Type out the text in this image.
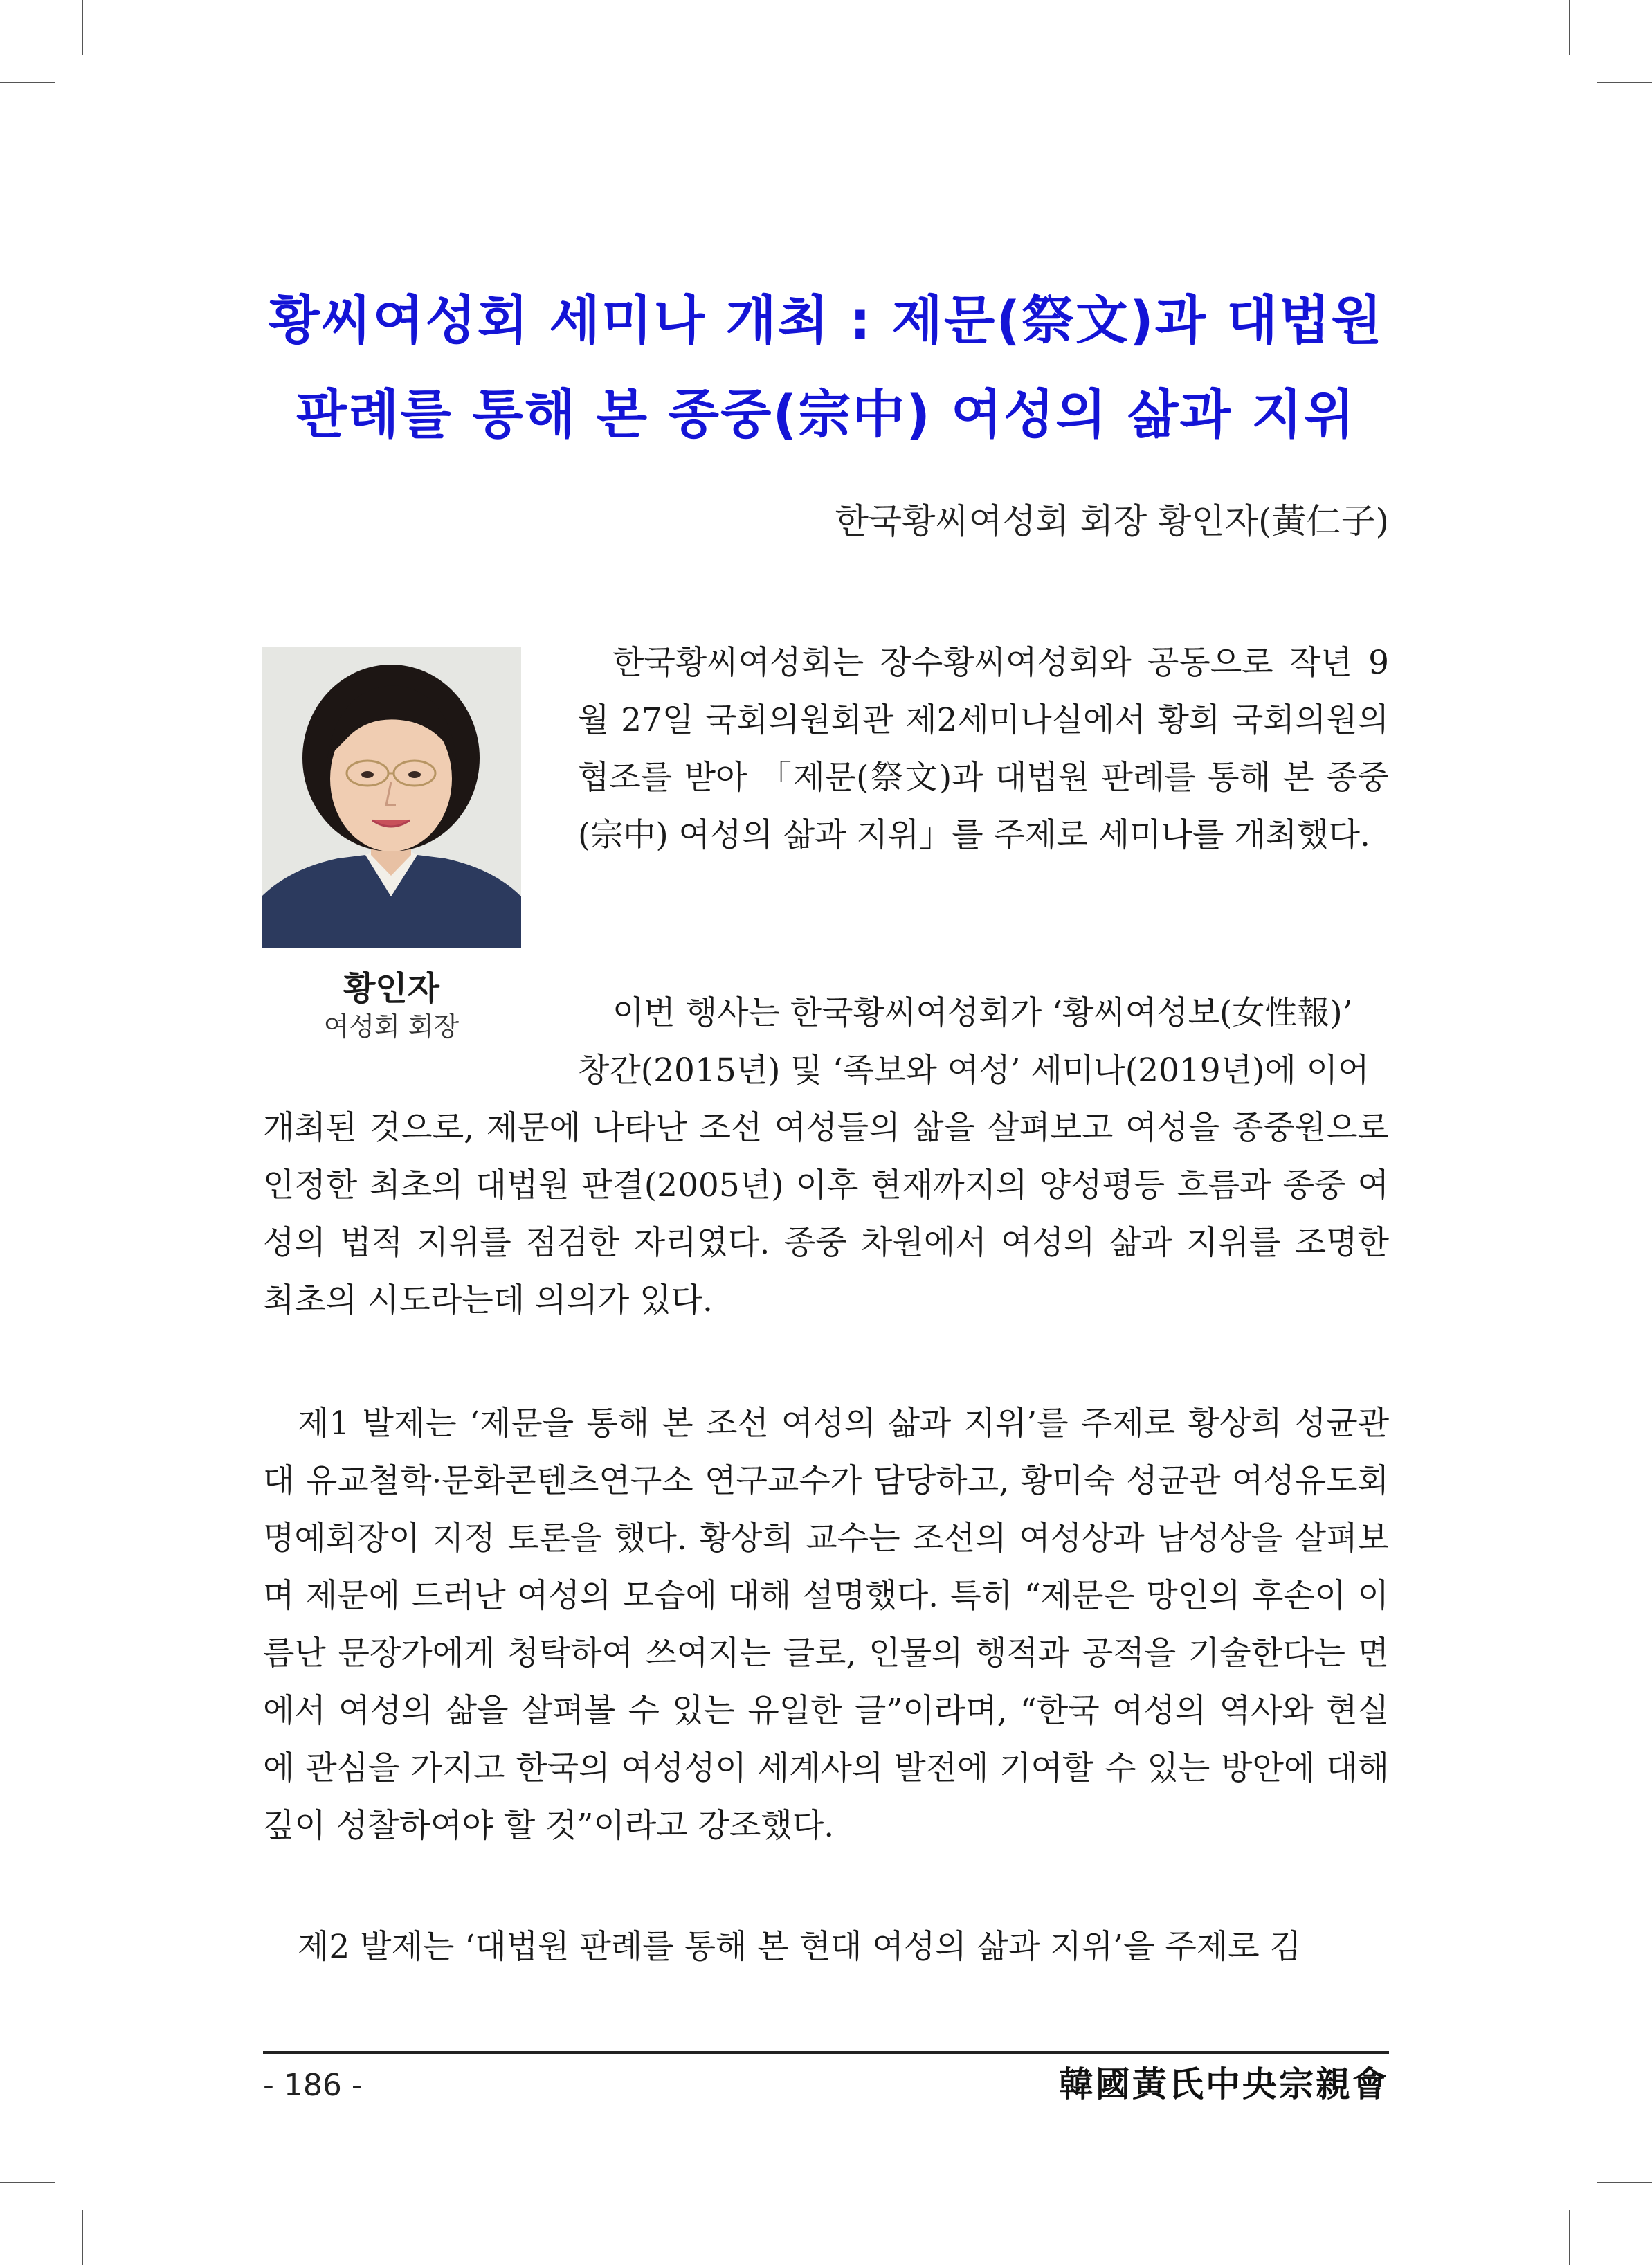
황씨여성회 세미나 개최 : 제문(祭文)과 대법원
판례를 통해 본 종중(宗中) 여성의 삶과 지위
한국황씨여성회 회장 황인자(黃仁子)
황인자
여성회 회장

한국황씨여성회는 장수황씨여성회와 공동으로 작년 9월 27일 국회의원회관 제2세미나실에서 황희 국회의원의 협조를 받아 「제문(祭文)과 대법원 판례를 통해 본 종중(宗中) 여성의 삶과 지위」를 주제로 세미나를 개최했다.

이번 행사는 한국황씨여성회가 ‘황씨여성보(女性報)’

창간(2015년) 및 ‘족보와 여성’ 세미나(2019년)에 이어

개최된 것으로, 제문에 나타난 조선 여성들의 삶을 살펴보고 여성을 종중원으로 인정한 최초의 대법원 판결(2005년) 이후 현재까지의 양성평등 흐름과 종중 여성의 법적 지위를 점검한 자리였다. 종중 차원에서 여성의 삶과 지위를 조명한 최초의 시도라는데 의의가 있다.

제1 발제는 ‘제문을 통해 본 조선 여성의 삶과 지위’를 주제로 황상희 성균관대 유교철학·문화콘텐츠연구소 연구교수가 담당하고, 황미숙 성균관 여성유도회 명예회장이 지정 토론을 했다. 황상희 교수는 조선의 여성상과 남성상을 살펴보며 제문에 드러난 여성의 모습에 대해 설명했다. 특히 “제문은 망인의 후손이 이름난 문장가에게 청탁하여 쓰여지는 글로, 인물의 행적과 공적을 기술한다는 면에서 여성의 삶을 살펴볼 수 있는 유일한 글”이라며, “한국 여성의 역사와 현실에 관심을 가지고 한국의 여성성이 세계사의 발전에 기여할 수 있는 방안에 대해 깊이 성찰하여야 할 것”이라고 강조했다.

제2 발제는 ‘대법원 판례를 통해 본 현대 여성의 삶과 지위’을 주제로 김

- 186 -	韓國黃氏中央宗親會
